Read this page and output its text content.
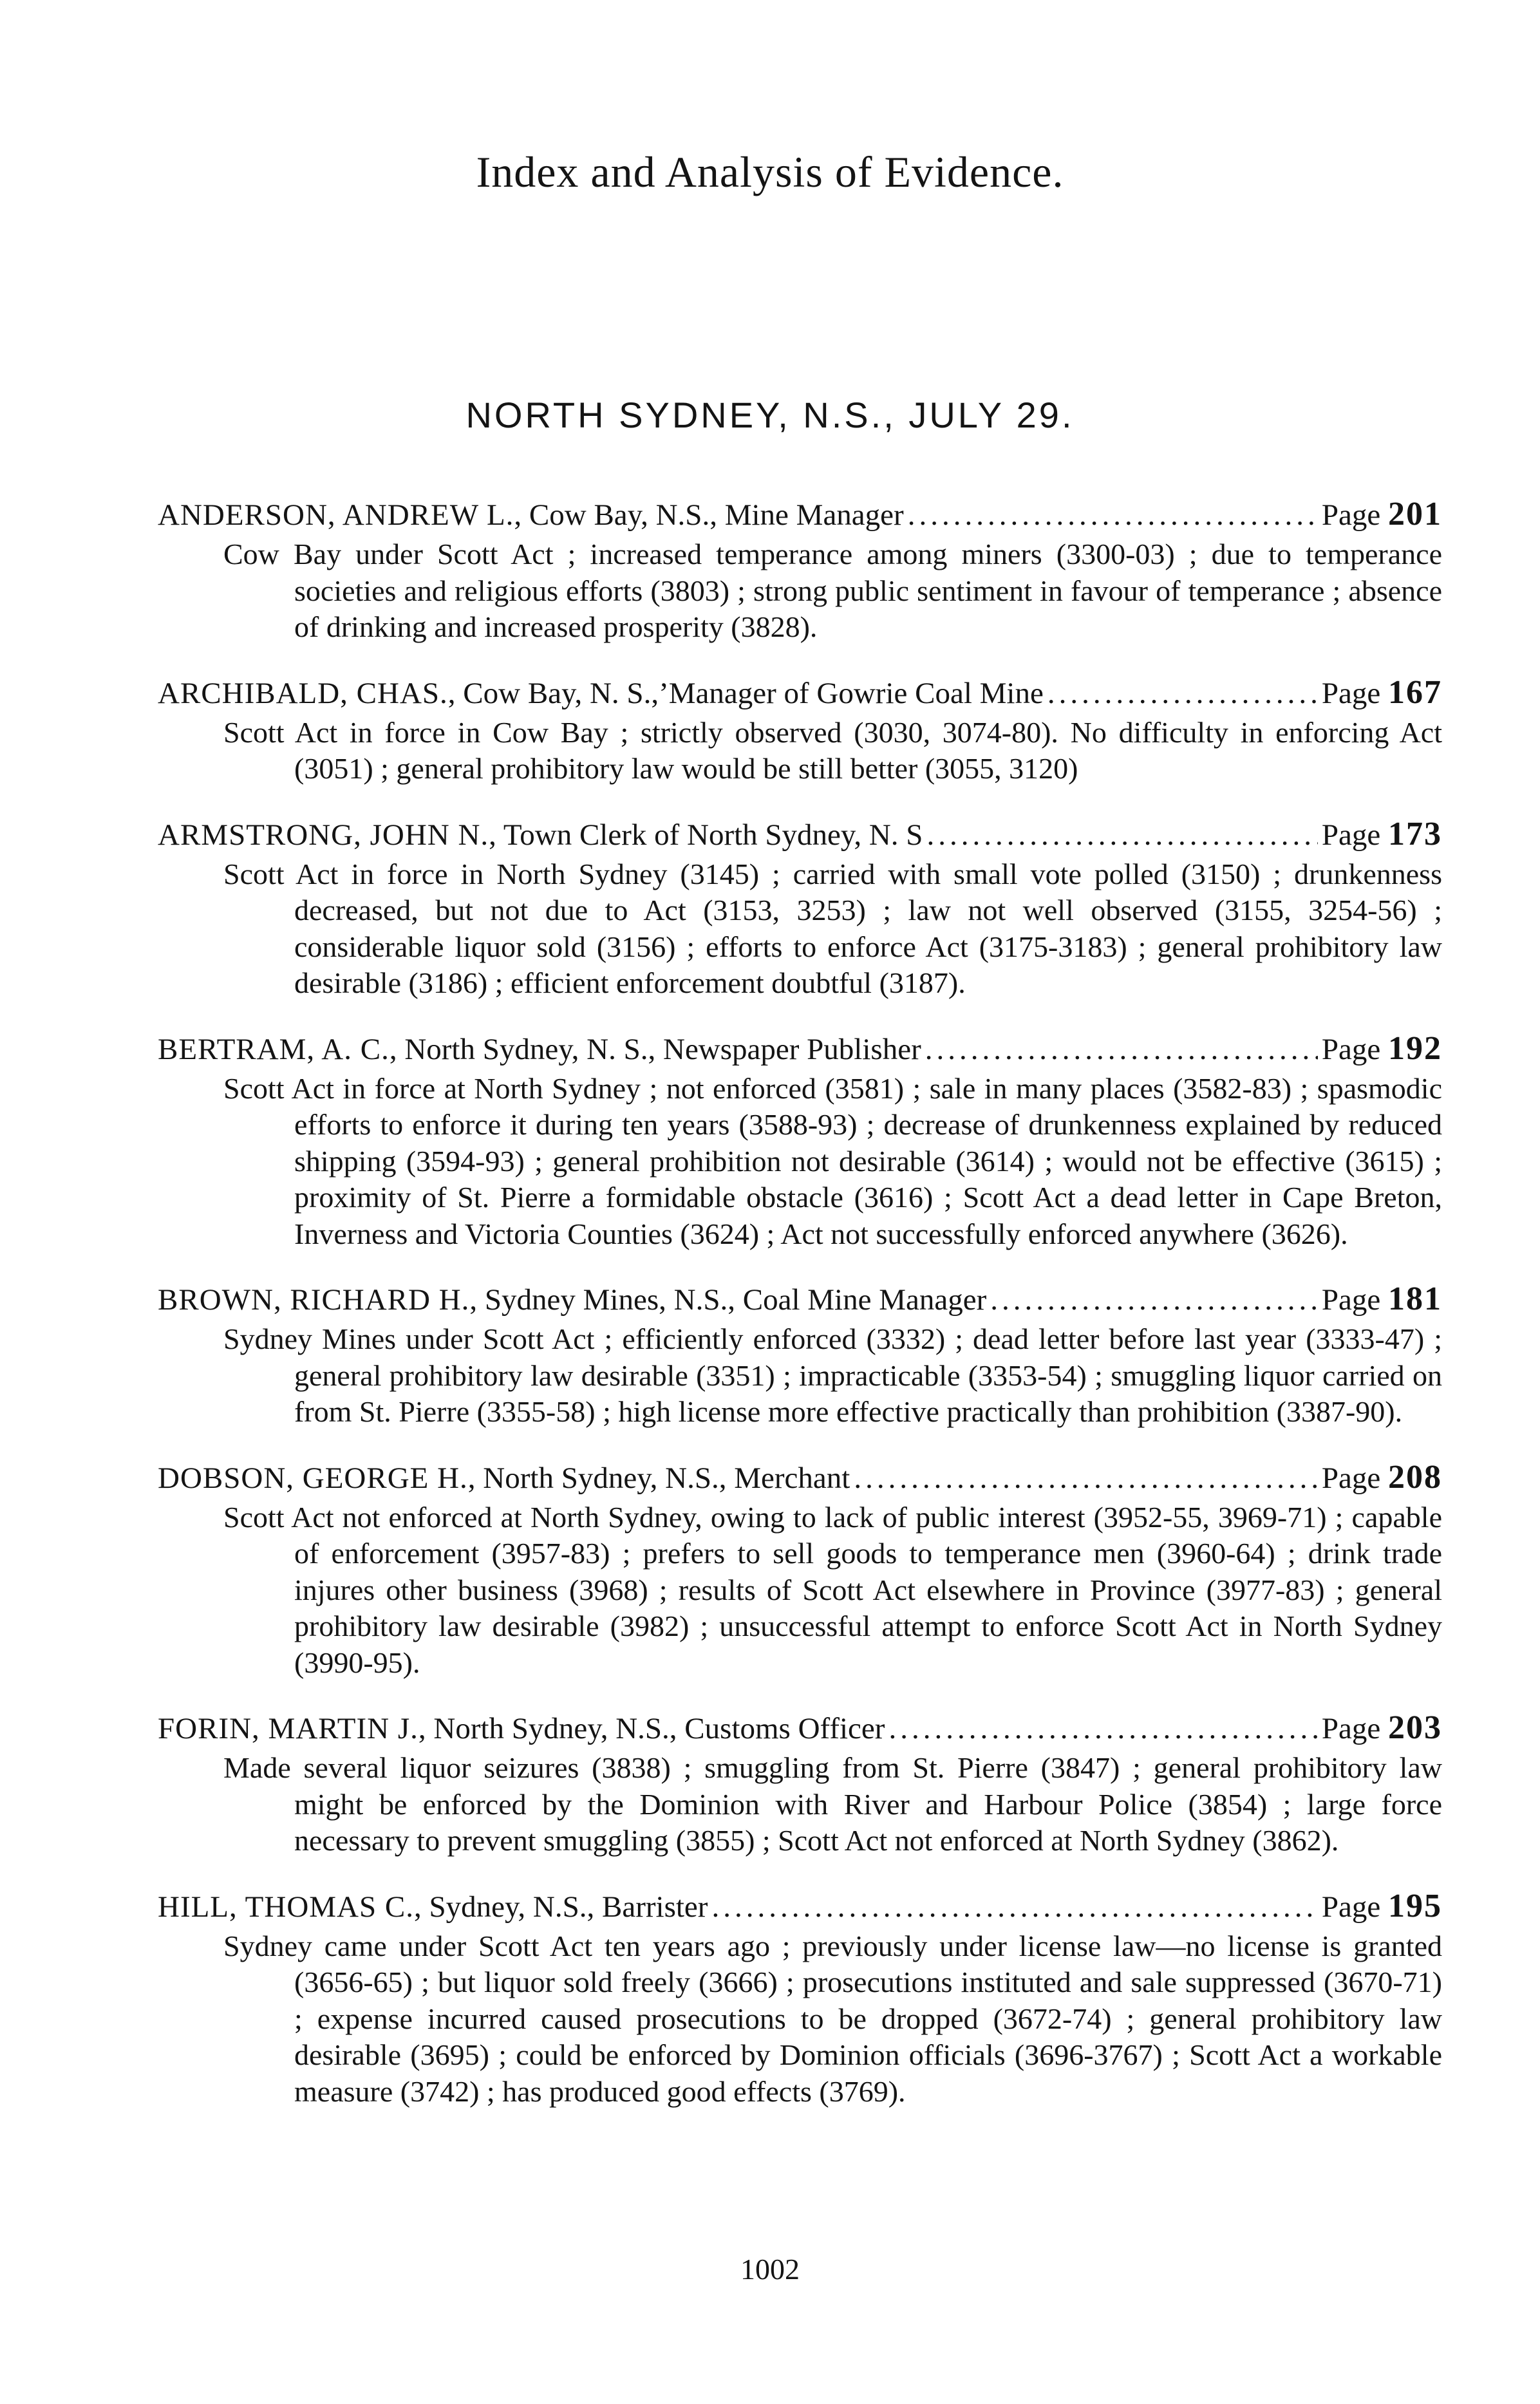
Index and Analysis of Evidence.
NORTH SYDNEY, N.S., JULY 29.
ANDERSON, ANDREW L. , Cow Bay, N.S., Mine Manager .....	Page 201
Cow Bay under Scott Act ; increased temperance among miners (3300-03) ; due to temperance societies and religious efforts (3803) ; strong public sentiment in favour of temperance ; absence of drinking and increased prosperity (3828).
ARCHIBALD, CHAS. , Cow Bay, N. S.,’Manager of Gowrie Coal Mine .....	Page 167
Scott Act in force in Cow Bay ; strictly observed (3030, 3074-80). No difficulty in enforcing Act (3051) ; general prohibitory law would be still better (3055, 3120)
ARMSTRONG, JOHN N. , Town Clerk of North Sydney, N. S .....	Page 173
Scott Act in force in North Sydney (3145) ; carried with small vote polled (3150) ; drunkenness decreased, but not due to Act (3153, 3253) ; law not well observed (3155, 3254-56) ; considerable liquor sold (3156) ; efforts to enforce Act (3175-3183) ; general prohibitory law desirable (3186) ; efficient enforcement doubtful (3187).
BERTRAM, A. C. , North Sydney, N. S., Newspaper Publisher .....	Page 192
Scott Act in force at North Sydney ; not enforced (3581) ; sale in many places (3582-83) ; spasmodic efforts to enforce it during ten years (3588-93) ; decrease of drunkenness explained by reduced shipping (3594-93) ; general prohibition not desirable (3614) ; would not be effective (3615) ; proximity of St. Pierre a formidable obstacle (3616) ; Scott Act a dead letter in Cape Breton, Inverness and Victoria Counties (3624) ; Act not successfully enforced anywhere (3626).
BROWN, RICHARD H. , Sydney Mines, N.S., Coal Mine Manager .....	Page 181
Sydney Mines under Scott Act ; efficiently enforced (3332) ; dead letter before last year (3333-47) ; general prohibitory law desirable (3351) ; impracticable (3353-54) ; smuggling liquor carried on from St. Pierre (3355-58) ; high license more effective practically than prohibition (3387-90).
DOBSON, GEORGE H. , North Sydney, N.S., Merchant .....	Page 208
Scott Act not enforced at North Sydney, owing to lack of public interest (3952-55, 3969-71) ; capable of enforcement (3957-83) ; prefers to sell goods to temperance men (3960-64) ; drink trade injures other business (3968) ; results of Scott Act elsewhere in Province (3977-83) ; general prohibitory law desirable (3982) ; unsuccessful attempt to enforce Scott Act in North Sydney (3990-95).
FORIN, MARTIN J. , North Sydney, N.S., Customs Officer .....	Page 203
Made several liquor seizures (3838) ; smuggling from St. Pierre (3847) ; general prohibitory law might be enforced by the Dominion with River and Harbour Police (3854) ; large force necessary to prevent smuggling (3855) ; Scott Act not enforced at North Sydney (3862).
HILL, THOMAS C. , Sydney, N.S., Barrister .....	Page 195
Sydney came under Scott Act ten years ago ; previously under license law—no license is granted (3656-65) ; but liquor sold freely (3666) ; prosecutions instituted and sale suppressed (3670-71) ; expense incurred caused prosecutions to be dropped (3672-74) ; general prohibitory law desirable (3695) ; could be enforced by Dominion officials (3696-3767) ; Scott Act a workable measure (3742) ; has produced good effects (3769).
1002
